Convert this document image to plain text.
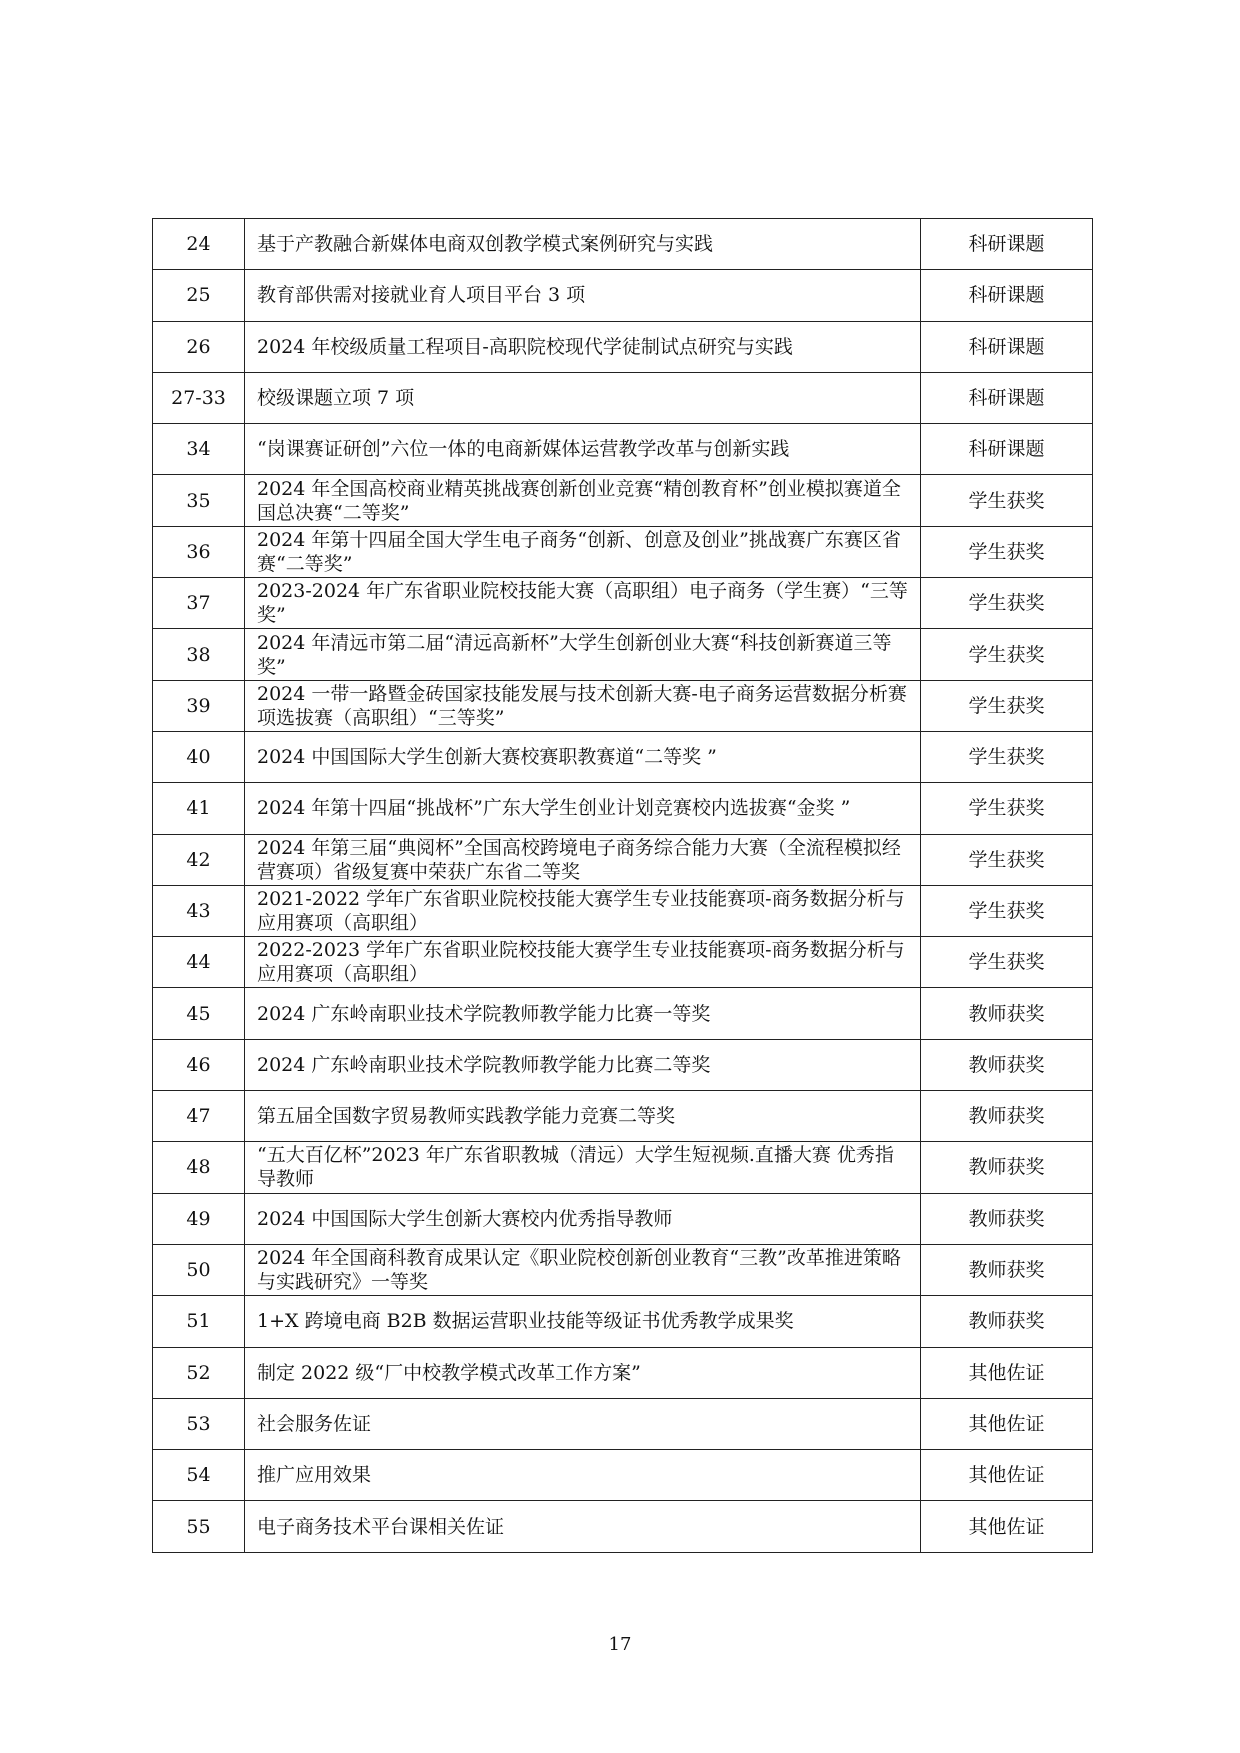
24	基于产教融合新媒体电商双创教学模式案例研究与实践	科研课题
25	教育部供需对接就业育人项目平台 3 项	科研课题
26	2024 年校级质量工程项目-高职院校现代学徒制试点研究与实践	科研课题
27-33	校级课题立项 7 项	科研课题
34	“岗课赛证研创”六位一体的电商新媒体运营教学改革与创新实践	科研课题
35	2024 年全国高校商业精英挑战赛创新创业竞赛“精创教育杯”创业模拟赛道全国总决赛“二等奖”	学生获奖
36	2024 年第十四届全国大学生电子商务“创新、创意及创业”挑战赛广东赛区省赛“二等奖”	学生获奖
37	2023-2024 年广东省职业院校技能大赛（高职组）电子商务（学生赛）“三等奖”	学生获奖
38	2024 年清远市第二届“清远高新杯”大学生创新创业大赛“科技创新赛道三等奖”	学生获奖
39	2024 一带一路暨金砖国家技能发展与技术创新大赛-电子商务运营数据分析赛项选拔赛（高职组）“三等奖”	学生获奖
40	2024 中国国际大学生创新大赛校赛职教赛道“二等奖 ”	学生获奖
41	2024 年第十四届“挑战杯”广东大学生创业计划竞赛校内选拔赛“金奖 ”	学生获奖
42	2024 年第三届“典阅杯”全国高校跨境电子商务综合能力大赛（全流程模拟经营赛项）省级复赛中荣获广东省二等奖	学生获奖
43	2021-2022 学年广东省职业院校技能大赛学生专业技能赛项-商务数据分析与应用赛项（高职组）	学生获奖
44	2022-2023 学年广东省职业院校技能大赛学生专业技能赛项-商务数据分析与应用赛项（高职组）	学生获奖
45	2024 广东岭南职业技术学院教师教学能力比赛一等奖	教师获奖
46	2024 广东岭南职业技术学院教师教学能力比赛二等奖	教师获奖
47	第五届全国数字贸易教师实践教学能力竞赛二等奖	教师获奖
48	“五大百亿杯”2023 年广东省职教城（清远）大学生短视频.直播大赛 优秀指导教师	教师获奖
49	2024 中国国际大学生创新大赛校内优秀指导教师	教师获奖
50	2024 年全国商科教育成果认定《职业院校创新创业教育“三教”改革推进策略与实践研究》一等奖	教师获奖
51	1+X 跨境电商 B2B 数据运营职业技能等级证书优秀教学成果奖	教师获奖
52	制定 2022 级“厂中校教学模式改革工作方案”	其他佐证
53	社会服务佐证	其他佐证
54	推广应用效果	其他佐证
55	电子商务技术平台课相关佐证	其他佐证
17
